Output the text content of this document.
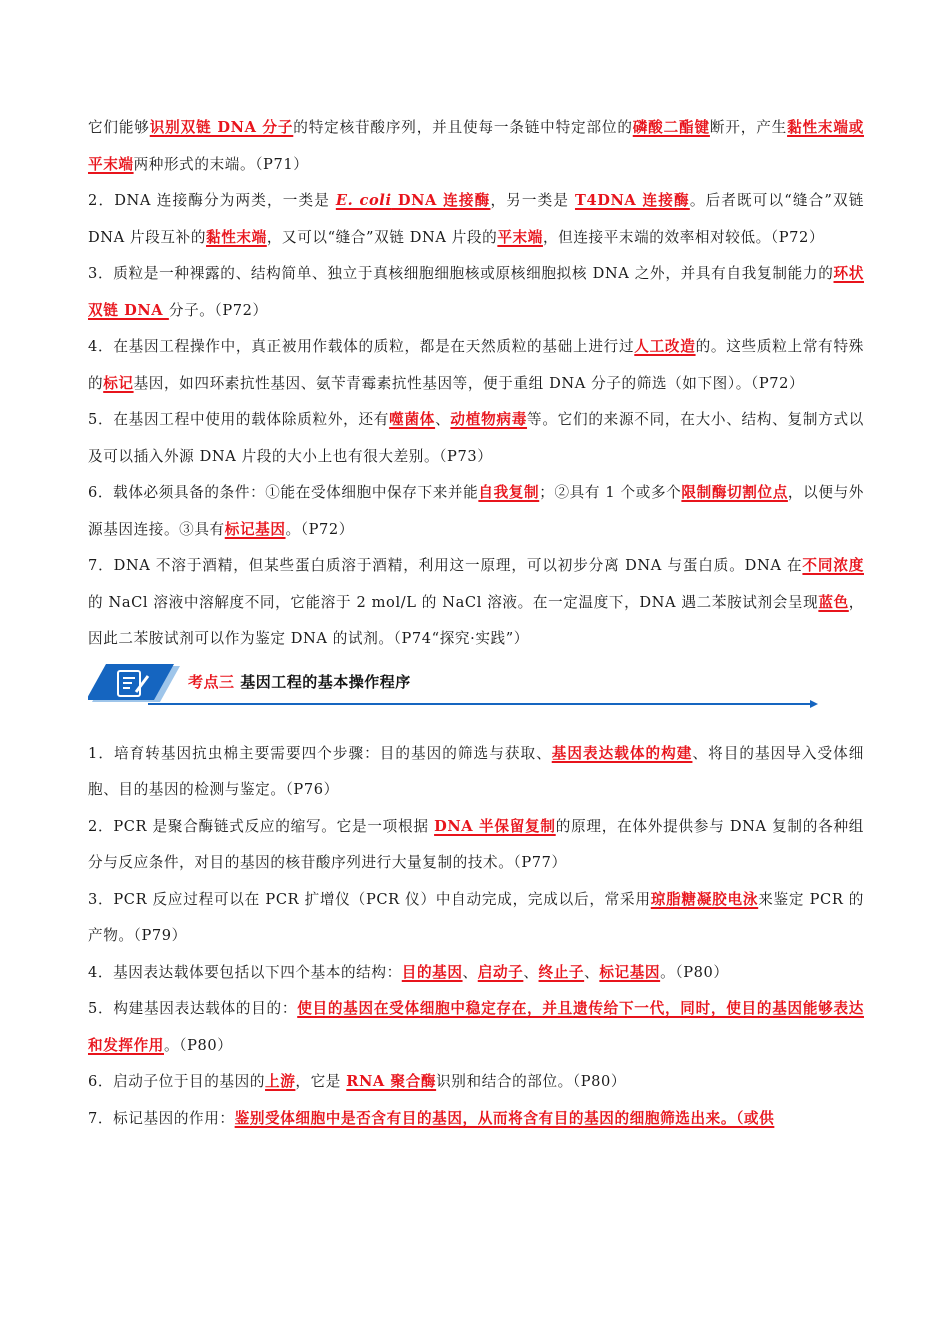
它们能够识别双链 DNA 分子的特定核苷酸序列，并且使每一条链中特定部位的磷酸二酯键断开，产生黏性末端或平末端两种形式的末端。（P71）

2．DNA 连接酶分为两类，一类是 E. coli DNA 连接酶，另一类是 T4DNA 连接酶。后者既可以“缝合”双链 DNA 片段互补的黏性末端，又可以“缝合”双链 DNA 片段的平末端，但连接平末端的效率相对较低。（P72）

3．质粒是一种裸露的、结构简单、独立于真核细胞细胞核或原核细胞拟核 DNA 之外，并具有自我复制能力的环状双链 DNA 分子。（P72）

4．在基因工程操作中，真正被用作载体的质粒，都是在天然质粒的基础上进行过人工改造的。这些质粒上常有特殊的标记基因，如四环素抗性基因、氨苄青霉素抗性基因等，便于重组 DNA 分子的筛选（如下图）。（P72）

5．在基因工程中使用的载体除质粒外，还有噬菌体、动植物病毒等。它们的来源不同，在大小、结构、复制方式以及可以插入外源 DNA 片段的大小上也有很大差别。（P73）

6．载体必须具备的条件：①能在受体细胞中保存下来并能自我复制；②具有 1 个或多个限制酶切割位点，以便与外源基因连接。③具有标记基因。（P72）

7．DNA 不溶于酒精，但某些蛋白质溶于酒精，利用这一原理，可以初步分离 DNA 与蛋白质。DNA 在不同浓度的 NaCl 溶液中溶解度不同，它能溶于 2 mol/L 的 NaCl 溶液。在一定温度下，DNA 遇二苯胺试剂会呈现蓝色，因此二苯胺试剂可以作为鉴定 DNA 的试剂。（P74“探究·实践”）

考点三 基因工程的基本操作程序

1．培育转基因抗虫棉主要需要四个步骤：目的基因的筛选与获取、基因表达载体的构建、将目的基因导入受体细胞、目的基因的检测与鉴定。（P76）

2．PCR 是聚合酶链式反应的缩写。它是一项根据 DNA 半保留复制的原理，在体外提供参与 DNA 复制的各种组分与反应条件，对目的基因的核苷酸序列进行大量复制的技术。（P77）

3．PCR 反应过程可以在 PCR 扩增仪（PCR 仪）中自动完成，完成以后，常采用琼脂糖凝胶电泳来鉴定 PCR 的产物。（P79）

4．基因表达载体要包括以下四个基本的结构：目的基因、启动子、终止子、标记基因。（P80）

5．构建基因表达载体的目的：使目的基因在受体细胞中稳定存在，并且遗传给下一代，同时，使目的基因能够表达和发挥作用。（P80）

6．启动子位于目的基因的上游，它是 RNA 聚合酶识别和结合的部位。（P80）

7．标记基因的作用：鉴别受体细胞中是否含有目的基因，从而将含有目的基因的细胞筛选出来。（或供
